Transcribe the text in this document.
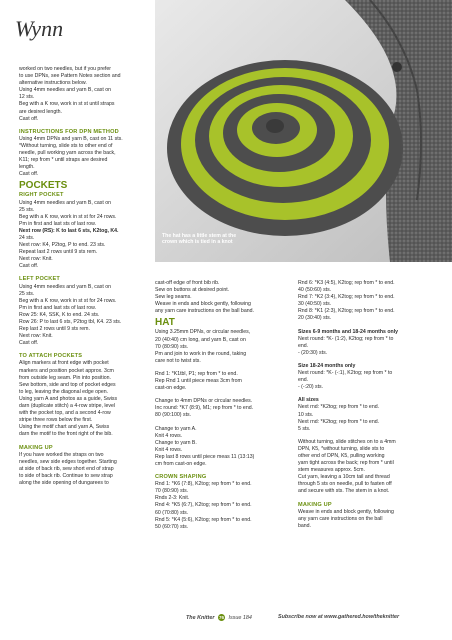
Wynn
The hat has a little stem at the crown which is tied in a knot

worked on two needles, but if you prefer

to use DPNs, see Pattern Notes section and

alternative instructions below.

Using 4mm needles and yarn B, cast on

12 sts.

Beg with a K row, work in st st until straps

are desired length.

Cast off.

INSTRUCTIONS FOR DPN METHOD

Using 4mm DPNs and yarn B, cast on 11 sts.

*Without turning, slide sts to other end of

needle, pull working yarn across the back,

K11; rep from * until straps are desired

length.

Cast off.

POCKETS

RIGHT POCKET

Using 4mm needles and yarn B, cast on

25 sts.

Beg with a K row, work in st st for 24 rows.

Pm in first and last sts of last row.

Next row (RS): K to last 6 sts, K2tog, K4.

24 sts.

Next row: K4, P2tog, P to end. 23 sts.

Repeat last 2 rows until 9 sts rem.

Next row: Knit.

Cast off.

LEFT POCKET

Using 4mm needles and yarn B, cast on

25 sts.

Beg with a K row, work in st st for 24 rows.

Pm in first and last sts of last row.

Row 25: K4, SSK, K to end. 24 sts.

Row 26: P to last 6 sts, P2tog tbl, K4. 23 sts.

Rep last 2 rows until 9 sts rem.

Next row: Knit.

Cast off.

TO ATTACH POCKETS

Align markers at front edge with pocket

markers and position pocket approx. 3cm

from outside leg seam. Pin into position.

Sew bottom, side and top of pocket edges

to leg, leaving the diagonal edge open.

Using yarn A and photos as a guide, Swiss

darn (duplicate stitch) a 4-row stripe, level

with the pocket top, and a second 4-row

stripe three rows below the first.

Using the motif chart and yarn A, Swiss

darn the motif to the front right of the bib.

MAKING UP

If you have worked the straps on two

needles, sew side edges together. Starting

at side of back rib, sew short end of strap

to side of back rib. Continue to sew strap

along the side opening of dungarees to

cast-off edge of front bib rib.

Sew on buttons at desired point.

Sew leg seams.

Weave in ends and block gently, following

any yarn care instructions on the ball band.

HAT

Using 3.25mm DPNs, or circular needles,

20 (40:40) cm long, and yarn B, cast on

70 (80:90) sts.

Pm and join to work in the round, taking

care not to twist sts.

Rnd 1: *K1tbl, P1; rep from * to end.

Rep Rnd 1 until piece meas 3cm from

cast-on edge.

Change to 4mm DPNs or circular needles.

Inc round: *K7 (8:9), M1; rep from * to end.

80 (90:100) sts.

Change to yarn A.

Knit 4 rows.

Change to yarn B.

Knit 4 rows.

Rep last 8 rows until piece meas 11 (13:13)

cm from cast-on edge.

CROWN SHAPING

Rnd 1: *K6 (7:8), K2tog; rep from * to end.

70 (80:90) sts.

Rnds 2-3: Knit.

Rnd 4: *K5 (6:7), K2tog; rep from * to end.

60 (70:80) sts.

Rnd 5: *K4 (5:6), K2tog; rep from * to end.

50 (60:70) sts.

Rnd 6: *K3 (4:5), K2tog; rep from * to end.

40 (50:60) sts.

Rnd 7: *K2 (3:4), K2tog; rep from * to end.

30 (40:50) sts.

Rnd 8: *K1 (2:3), K2tog; rep from * to end.

20 (30:40) sts.

Sizes 6-9 months and 18-24 months only

Next round: *K- (1:2), K2tog; rep from * to

end.

- (20:30) sts.

Size 18-24 months only

Next round: *K- (-:1), K2tog; rep from * to

end.

- (-:20) sts.

All sizes

Next rnd: *K2tog; rep from * to end.

10 sts.

Next rnd: *K2tog; rep from * to end.

5 sts.

Without turning, slide stitches on to a 4mm

DPN, K5, *without turning, slide sts to

other end of DPN, K5, pulling working

yarn tight across the back; rep from * until

stem measures approx. 5cm.

Cut yarn, leaving a 10cm tail and thread

through 5 sts on needle, pull to fasten off

and secure with sts. The stem in a knot.

MAKING UP

Weave in ends and block gently, following

any yarn care instructions on the ball

band.

The Knitter 76 Issue 184	Subscribe now at www.gathered.how/theknitter
